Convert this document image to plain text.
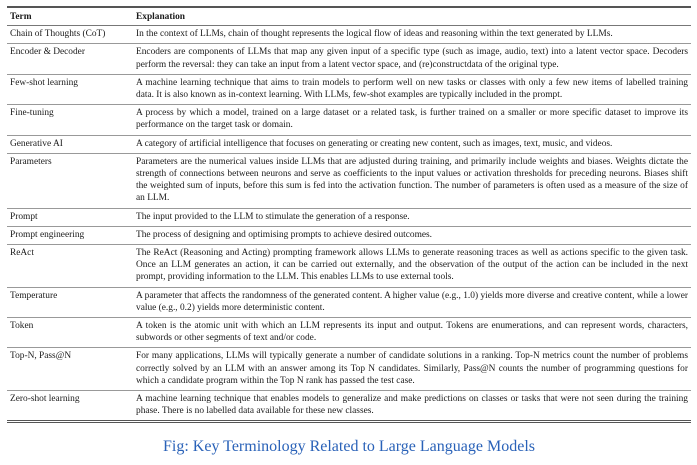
Term	Explanation
Chain of Thoughts (CoT)	In the context of LLMs, chain of thought represents the logical flow of ideas and reasoning within the text generated by LLMs.
Encoder & Decoder	Encoders are components of LLMs that map any given input of a specific type (such as image, audio, text) into a latent vector space. Decoders perform the reversal: they can take an input from a latent vector space, and (re)constructdata of the original type.
Few-shot learning	A machine learning technique that aims to train models to perform well on new tasks or classes with only a few new items of labelled training data. It is also known as in-context learning. With LLMs, few-shot examples are typically included in the prompt.
Fine-tuning	A process by which a model, trained on a large dataset or a related task, is further trained on a smaller or more specific dataset to improve its performance on the target task or domain.
Generative AI	A category of artificial intelligence that focuses on generating or creating new content, such as images, text, music, and videos.
Parameters	Parameters are the numerical values inside LLMs that are adjusted during training, and primarily include weights and biases. Weights dictate the strength of connections between neurons and serve as coefficients to the input values or activation thresholds for preceding neurons. Biases shift the weighted sum of inputs, before this sum is fed into the activation function. The number of parameters is often used as a measure of the size of an LLM.
Prompt	The input provided to the LLM to stimulate the generation of a response.
Prompt engineering	The process of designing and optimising prompts to achieve desired outcomes.
ReAct	The ReAct (Reasoning and Acting) prompting framework allows LLMs to generate reasoning traces as well as actions specific to the given task. Once an LLM generates an action, it can be carried out externally, and the observation of the output of the action can be included in the next prompt, providing information to the LLM. This enables LLMs to use external tools.
Temperature	A parameter that affects the randomness of the generated content. A higher value (e.g., 1.0) yields more diverse and creative content, while a lower value (e.g., 0.2) yields more deterministic content.
Token	A token is the atomic unit with which an LLM represents its input and output. Tokens are enumerations, and can represent words, characters, subwords or other segments of text and/or code.
Top-N, Pass@N	For many applications, LLMs will typically generate a number of candidate solutions in a ranking. Top-N metrics count the number of problems correctly solved by an LLM with an answer among its Top N candidates. Similarly, Pass@N counts the number of programming questions for which a candidate program within the Top N rank has passed the test case.
Zero-shot learning	A machine learning technique that enables models to generalize and make predictions on classes or tasks that were not seen during the training phase. There is no labelled data available for these new classes.
Fig: Key Terminology Related to Large Language Models
